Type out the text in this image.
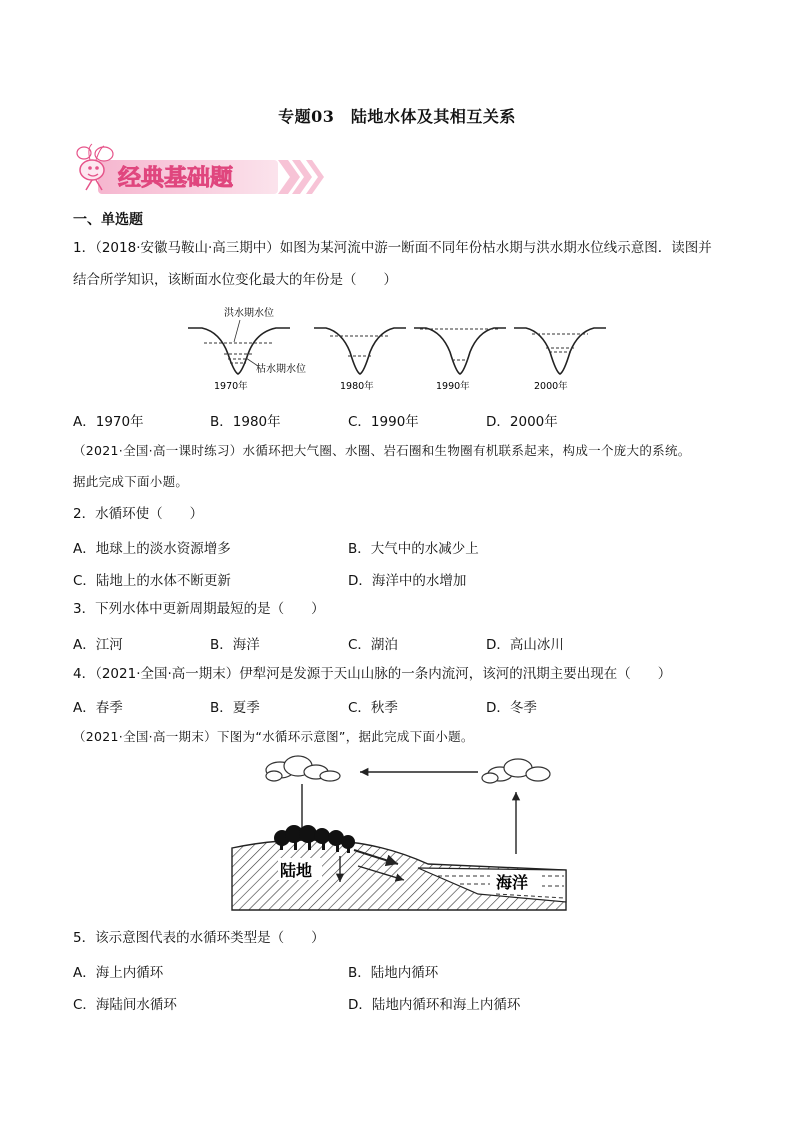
专题03　陆地水体及其相互关系
经典基础题
一、单选题
1．（2018·安徽马鞍山·高三期中）如图为某河流中游一断面不同年份枯水期与洪水期水位线示意图．读图并
结合所学知识，该断面水位变化最大的年份是（　　）
洪水期水位
枯水期水位
1970年	1980年	1990年	2000年
A．1970年	B．1980年	C．1990年	D．2000年
（2021·全国·高一课时练习）水循环把大气圈、水圈、岩石圈和生物圈有机联系起来，构成一个庞大的系统。
据此完成下面小题。
2．水循环使（　　）
A．地球上的淡水资源增多	B．大气中的水减少上
C．陆地上的水体不断更新	D．海洋中的水增加
3．下列水体中更新周期最短的是（　　）
A．江河	B．海洋	C．湖泊	D．高山冰川
4．（2021·全国·高一期末）伊犁河是发源于天山山脉的一条内流河，该河的汛期主要出现在（　　）
A．春季	B．夏季	C．秋季	D．冬季
（2021·全国·高一期末）下图为“水循环示意图”，据此完成下面小题。
陆地
海洋
5．该示意图代表的水循环类型是（　　）
A．海上内循环	B．陆地内循环
C．海陆间水循环	D．陆地内循环和海上内循环
